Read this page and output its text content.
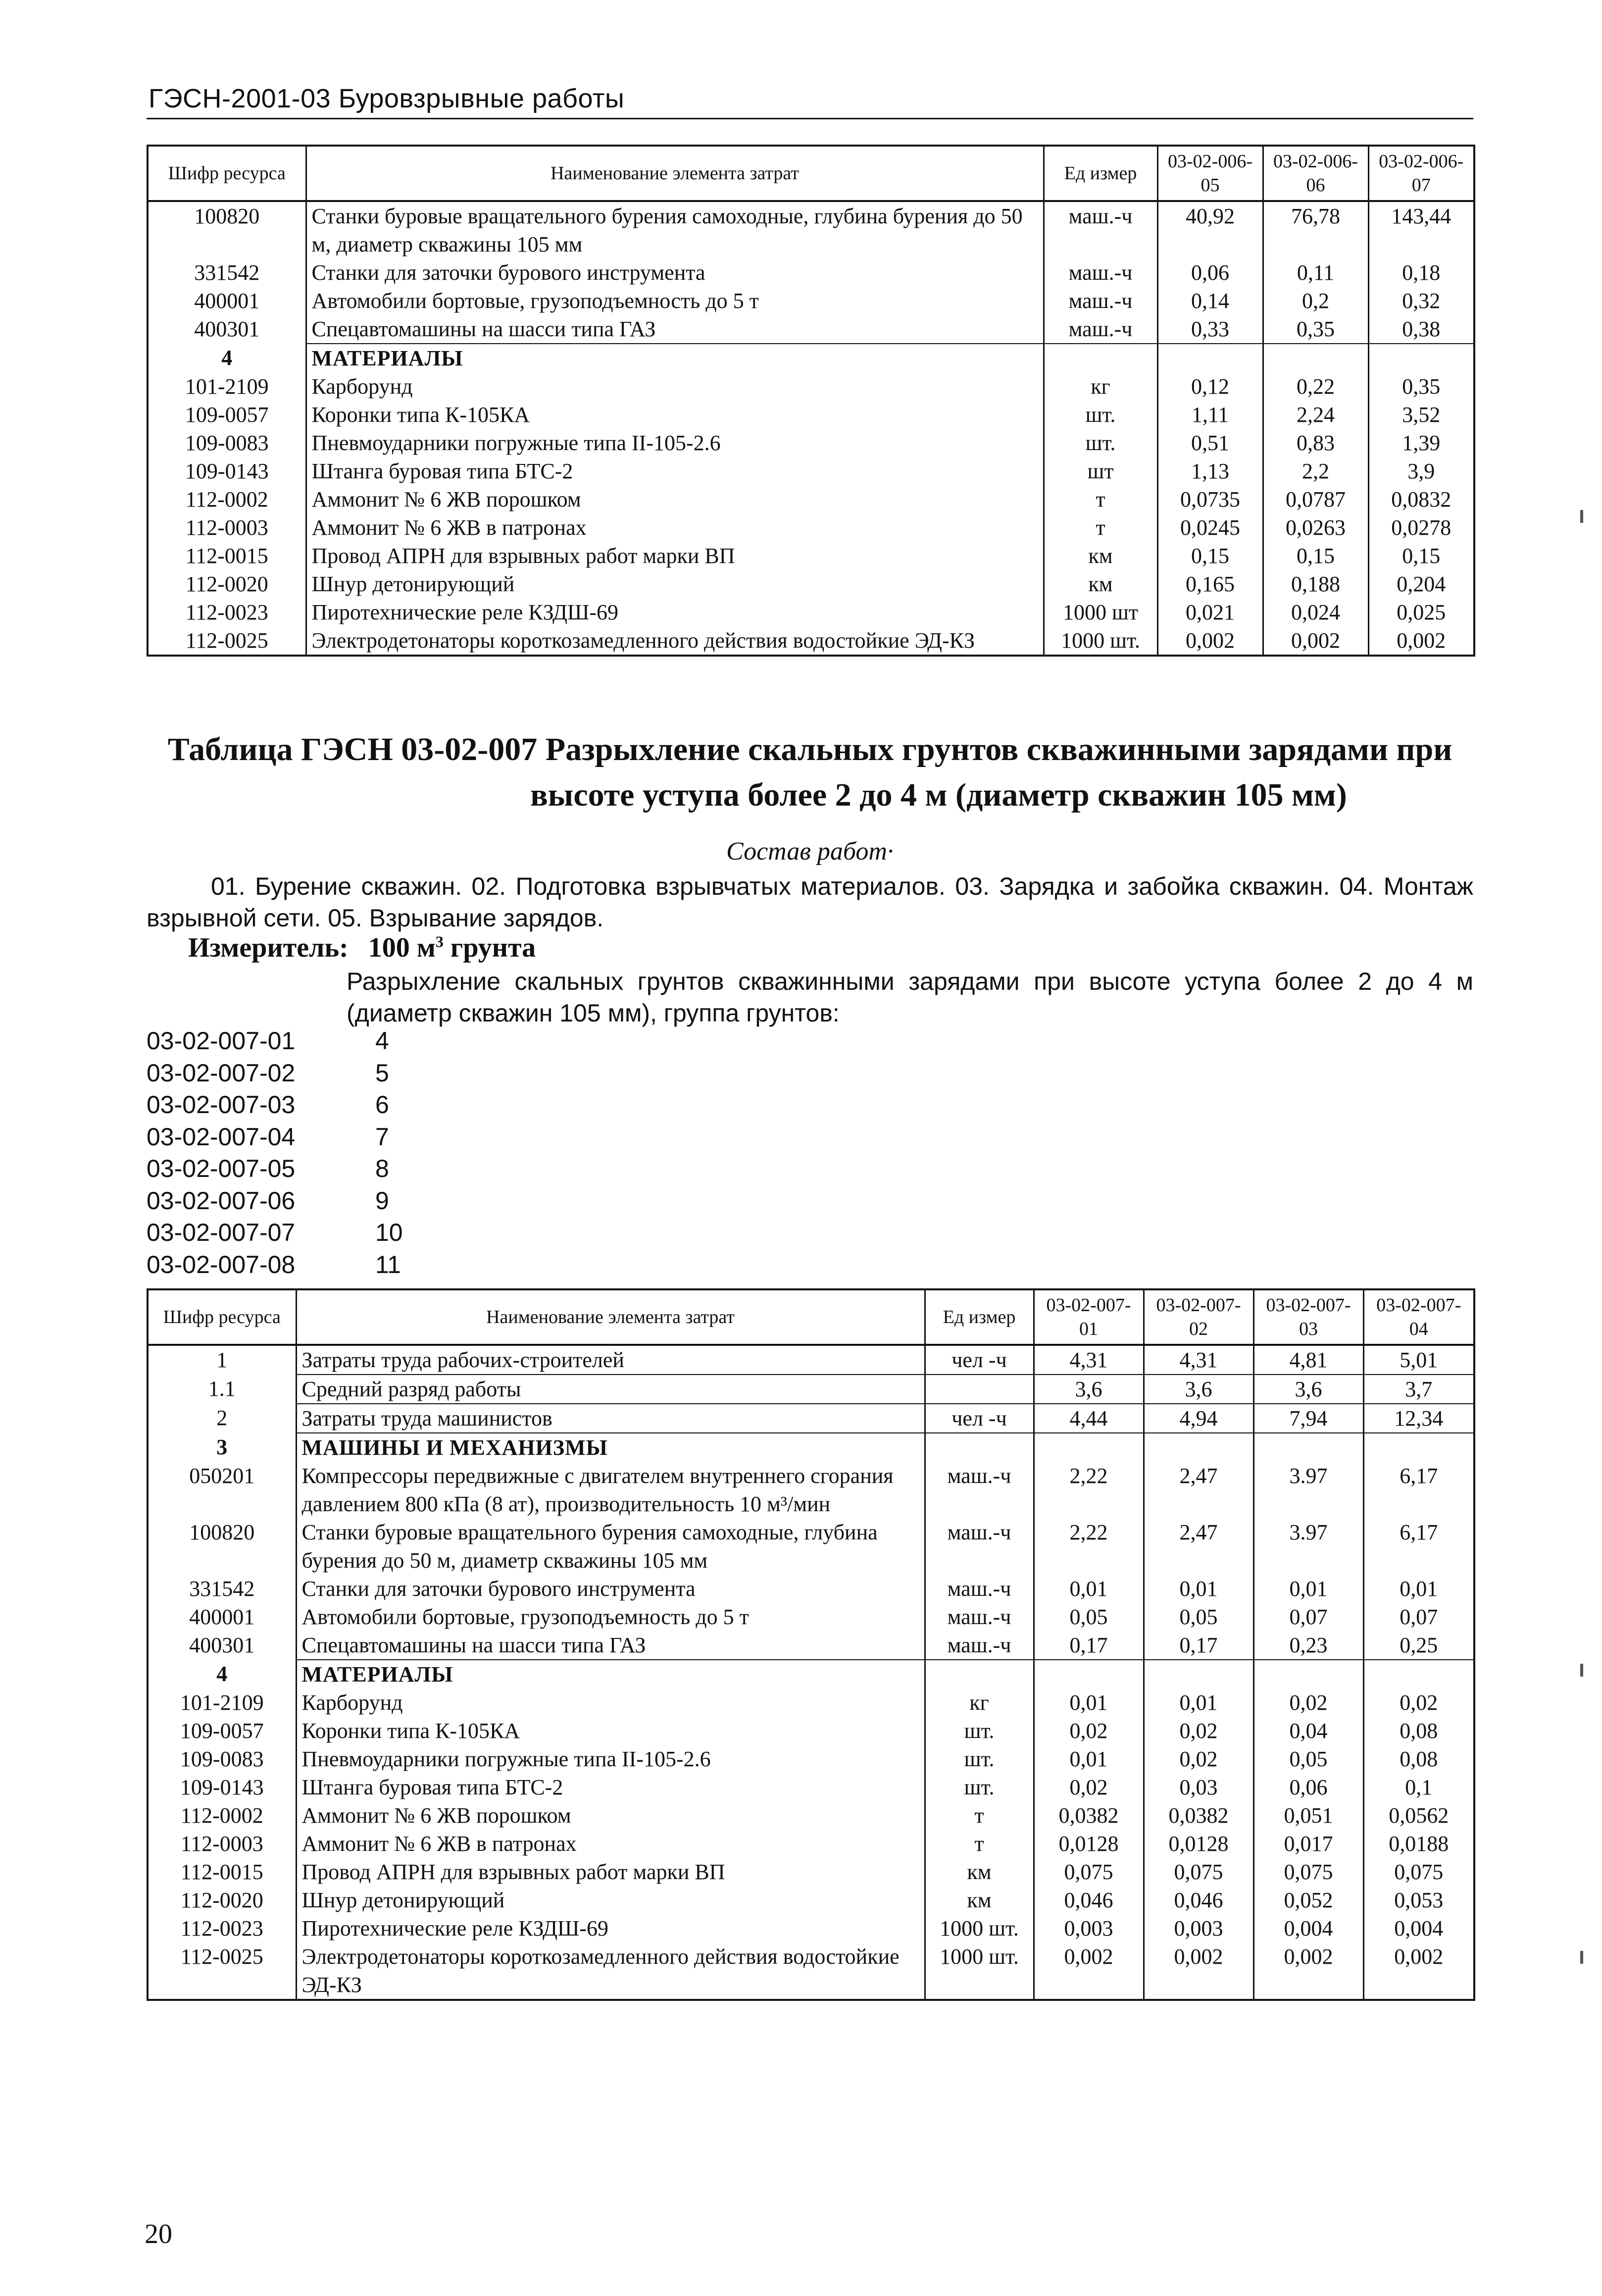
ГЭСН-2001-03 Буровзрывные работы
Шифр ресурса	Наименование элемента затрат	Ед измер	03-02-006-05	03-02-006-06	03-02-006-07
100820	Станки буровые вращательного бурения самоходные, глубина бурения до 50 м, диаметр скважины 105 мм	маш.-ч	40,92	76,78	143,44
331542	Станки для заточки бурового инструмента	маш.-ч	0,06	0,11	0,18
400001	Автомобили бортовые, грузоподъемность до 5 т	маш.-ч	0,14	0,2	0,32
400301	Спецавтомашины на шасси типа ГАЗ	маш.-ч	0,33	0,35	0,38
4	МАТЕРИАЛЫ				
101-2109	Карборунд	кг	0,12	0,22	0,35
109-0057	Коронки типа К-105КА	шт.	1,11	2,24	3,52
109-0083	Пневмоударники погружные типа II-105-2.6	шт.	0,51	0,83	1,39
109-0143	Штанга буровая типа БТС-2	шт	1,13	2,2	3,9
112-0002	Аммонит № 6 ЖВ порошком	т	0,0735	0,0787	0,0832
112-0003	Аммонит № 6 ЖВ в патронах	т	0,0245	0,0263	0,0278
112-0015	Провод АПРН для взрывных работ марки ВП	км	0,15	0,15	0,15
112-0020	Шнур детонирующий	км	0,165	0,188	0,204
112-0023	Пиротехнические реле КЗДШ-69	1000 шт	0,021	0,024	0,025
112-0025	Электродетонаторы короткозамедленного действия водостойкие ЭД-КЗ	1000 шт.	0,002	0,002	0,002
Таблица ГЭСН 03-02-007 Разрыхление скальных грунтов скважинными зарядами при
высоте уступа более 2 до 4 м (диаметр скважин 105 мм)
Состав работ·
01. Бурение скважин. 02. Подготовка взрывчатых материалов. 03. Зарядка и забойка скважин. 04. Монтаж взрывной сети. 05. Взрывание зарядов.
Измеритель: 100 $м^3$ грунта
Разрыхление скальных грунтов скважинными зарядами при высоте уступа более 2 до 4 м (диаметр скважин 105 мм), группа грунтов:
03-02-007-01	4
03-02-007-02	5
03-02-007-03	6
03-02-007-04	7
03-02-007-05	8
03-02-007-06	9
03-02-007-07	10
03-02-007-08	11
Шифр ресурса	Наименование элемента затрат	Ед измер	03-02-007-01	03-02-007-02	03-02-007-03	03-02-007-04
1	Затраты труда рабочих-строителей	чел -ч	4,31	4,31	4,81	5,01
1.1	Средний разряд работы		3,6	3,6	3,6	3,7
2	Затраты труда машинистов	чел -ч	4,44	4,94	7,94	12,34
3	МАШИНЫ И МЕХАНИЗМЫ					
050201	Компрессоры передвижные с двигателем внутреннего сгорания давлением 800 кПа (8 ат), производительность 10 м³/мин	маш.-ч	2,22	2,47	3.97	6,17
100820	Станки буровые вращательного бурения самоходные, глубина бурения до 50 м, диаметр скважины 105 мм	маш.-ч	2,22	2,47	3.97	6,17
331542	Станки для заточки бурового инструмента	маш.-ч	0,01	0,01	0,01	0,01
400001	Автомобили бортовые, грузоподъемность до 5 т	маш.-ч	0,05	0,05	0,07	0,07
400301	Спецавтомашины на шасси типа ГАЗ	маш.-ч	0,17	0,17	0,23	0,25
4	МАТЕРИАЛЫ					
101-2109	Карборунд	кг	0,01	0,01	0,02	0,02
109-0057	Коронки типа К-105КА	шт.	0,02	0,02	0,04	0,08
109-0083	Пневмоударники погружные типа II-105-2.6	шт.	0,01	0,02	0,05	0,08
109-0143	Штанга буровая типа БТС-2	шт.	0,02	0,03	0,06	0,1
112-0002	Аммонит № 6 ЖВ порошком	т	0,0382	0,0382	0,051	0,0562
112-0003	Аммонит № 6 ЖВ в патронах	т	0,0128	0,0128	0,017	0,0188
112-0015	Провод АПРН для взрывных работ марки ВП	км	0,075	0,075	0,075	0,075
112-0020	Шнур детонирующий	км	0,046	0,046	0,052	0,053
112-0023	Пиротехнические реле КЗДШ-69	1000 шт.	0,003	0,003	0,004	0,004
112-0025	Электродетонаторы короткозамедленного действия водостойкие ЭД-КЗ	1000 шт.	0,002	0,002	0,002	0,002
20
